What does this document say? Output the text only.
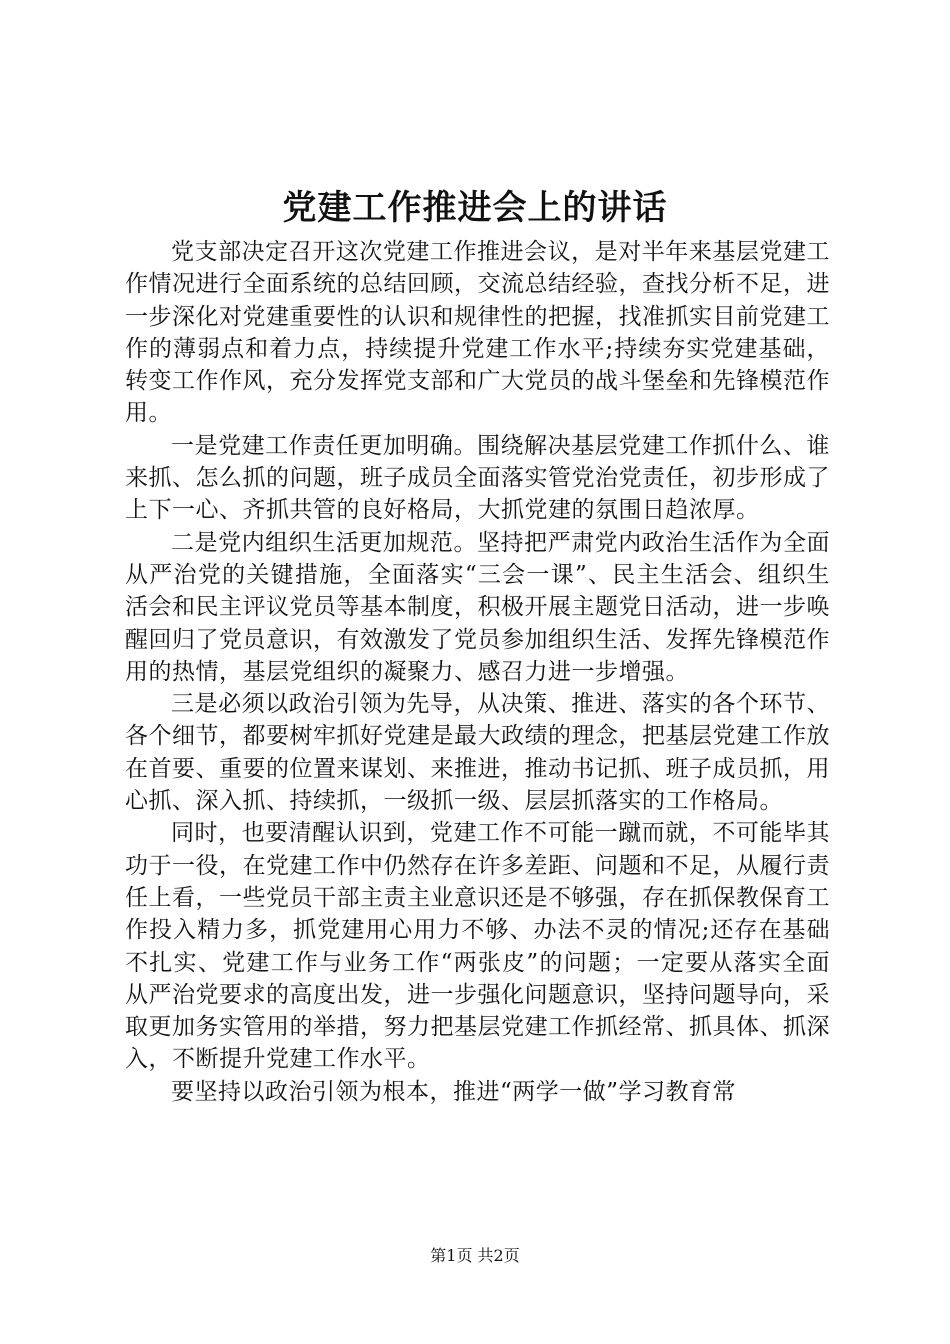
党建工作推进会上的讲话

党支部决定召开这次党建工作推进会议，是对半年来基层党建工作情况进行全面系统的总结回顾，交流总结经验，查找分析不足，进一步深化对党建重要性的认识和规律性的把握，找准抓实目前党建工作的薄弱点和着力点，持续提升党建工作水平;持续夯实党建基础，转变工作作风，充分发挥党支部和广大党员的战斗堡垒和先锋模范作用。

一是党建工作责任更加明确。围绕解决基层党建工作抓什么、谁来抓、怎么抓的问题，班子成员全面落实管党治党责任，初步形成了上下一心、齐抓共管的良好格局，大抓党建的氛围日趋浓厚。

二是党内组织生活更加规范。坚持把严肃党内政治生活作为全面从严治党的关键措施，全面落实“三会一课”、民主生活会、组织生活会和民主评议党员等基本制度，积极开展主题党日活动，进一步唤醒回归了党员意识，有效激发了党员参加组织生活、发挥先锋模范作用的热情，基层党组织的凝聚力、感召力进一步增强。

三是必须以政治引领为先导，从决策、推进、落实的各个环节、各个细节，都要树牢抓好党建是最大政绩的理念，把基层党建工作放在首要、重要的位置来谋划、来推进，推动书记抓、班子成员抓，用心抓、深入抓、持续抓，一级抓一级、层层抓落实的工作格局。

同时，也要清醒认识到，党建工作不可能一蹴而就，不可能毕其功于一役，在党建工作中仍然存在许多差距、问题和不足，从履行责任上看，一些党员干部主责主业意识还是不够强，存在抓保教保育工作投入精力多，抓党建用心用力不够、办法不灵的情况;还存在基础不扎实、党建工作与业务工作“两张皮”的问题；一定要从落实全面从严治党要求的高度出发，进一步强化问题意识，坚持问题导向，采取更加务实管用的举措，努力把基层党建工作抓经常、抓具体、抓深入，不断提升党建工作水平。

要坚持以政治引领为根本，推进“两学一做”学习教育常

第1页 共2页
